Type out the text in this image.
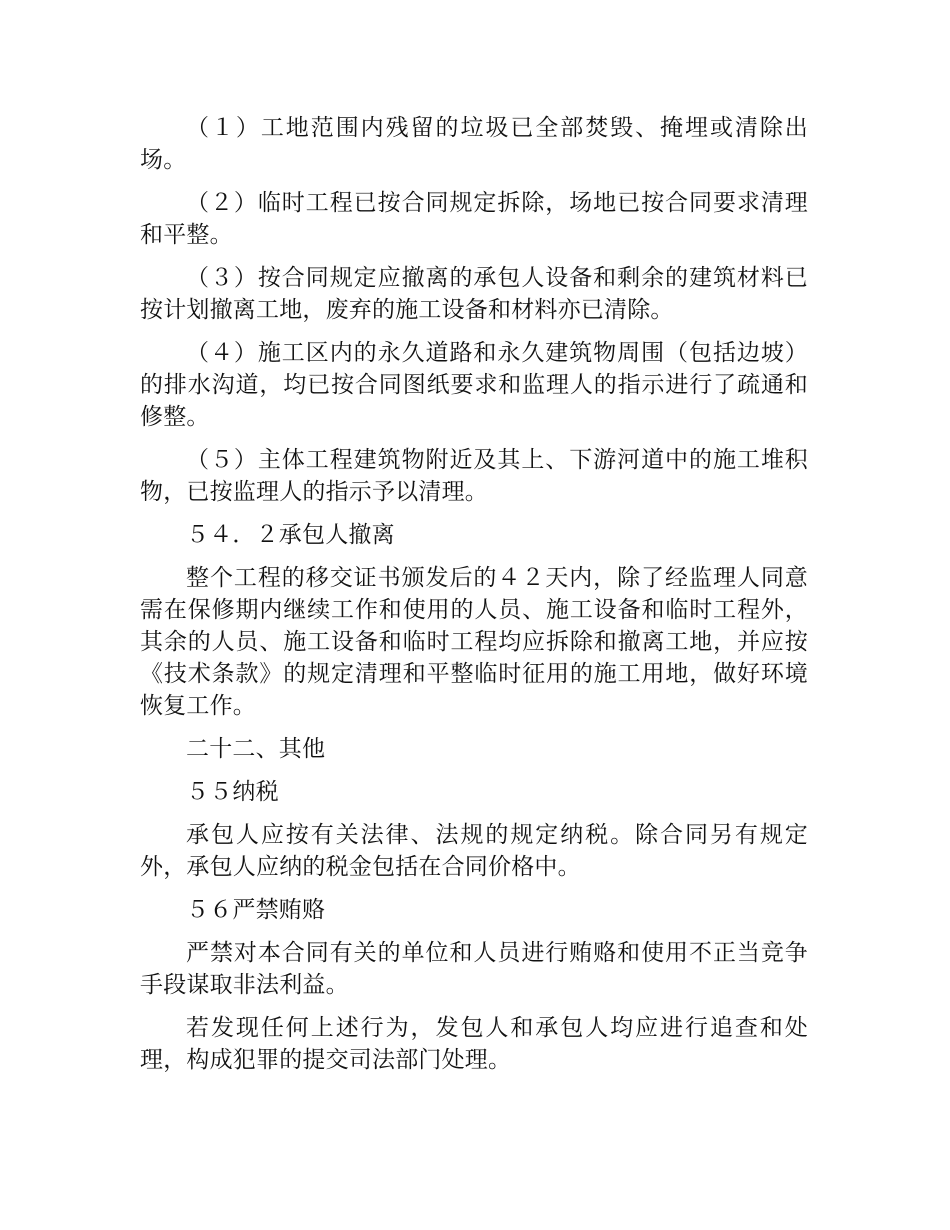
（１）工地范围内残留的垃圾已全部焚毁、掩埋或清除出场。

（２）临时工程已按合同规定拆除，场地已按合同要求清理和平整。

（３）按合同规定应撤离的承包人设备和剩余的建筑材料已按计划撤离工地，废弃的施工设备和材料亦已清除。

（４）施工区内的永久道路和永久建筑物周围（包括边坡）的排水沟道，均已按合同图纸要求和监理人的指示进行了疏通和修整。

（５）主体工程建筑物附近及其上、下游河道中的施工堆积物，已按监理人的指示予以清理。

５４．２承包人撤离

整个工程的移交证书颁发后的４２天内，除了经监理人同意需在保修期内继续工作和使用的人员、施工设备和临时工程外，其余的人员、施工设备和临时工程均应拆除和撤离工地，并应按《技术条款》的规定清理和平整临时征用的施工用地，做好环境恢复工作。

二十二、其他

５５纳税

承包人应按有关法律、法规的规定纳税。除合同另有规定外，承包人应纳的税金包括在合同价格中。

５６严禁贿赂

严禁对本合同有关的单位和人员进行贿赂和使用不正当竞争手段谋取非法利益。

若发现任何上述行为，发包人和承包人均应进行追查和处理，构成犯罪的提交司法部门处理。
